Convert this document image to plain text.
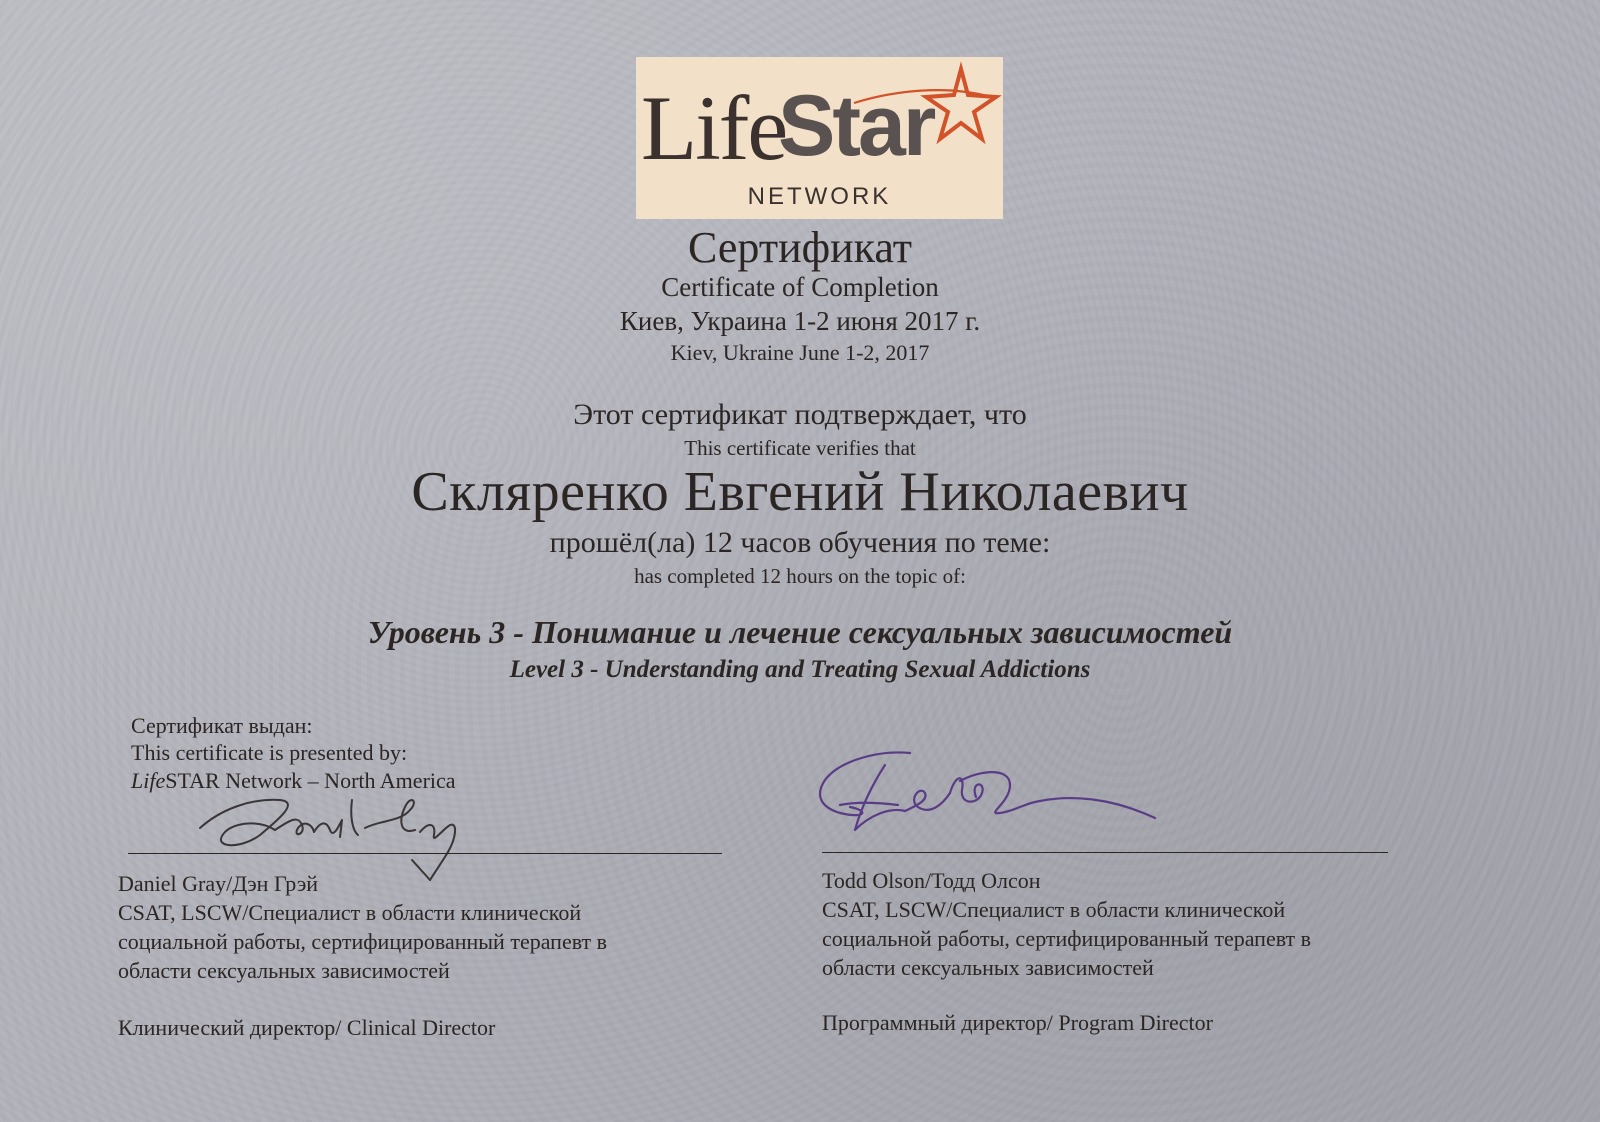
Life
Star
NETWORK
Сертификат
Certificate of Completion
Киев, Украина 1-2 июня 2017 г.
Kiev, Ukraine June 1-2, 2017
Этот сертификат подтверждает, что
This certificate verifies that
Скляренко Евгений Николаевич
прошёл(ла) 12 часов обучения по теме:
has completed 12 hours on the topic of:
Уровень 3 - Понимание и лечение сексуальных зависимостей
Level 3 - Understanding and Treating Sexual Addictions
Сертификат выдан:
This certificate is presented by:
LifeSTAR Network – North America
Daniel Gray/Дэн Грэй
CSAT, LSCW/Специалист в области клинической
социальной работы, сертифицированный терапевт в
области сексуальных зависимостей
Клинический директор/ Clinical Director
Todd Olson/Тодд Олсон
CSAT, LSCW/Специалист в области клинической
социальной работы, сертифицированный терапевт в
области сексуальных зависимостей
Программный директор/ Program Director
